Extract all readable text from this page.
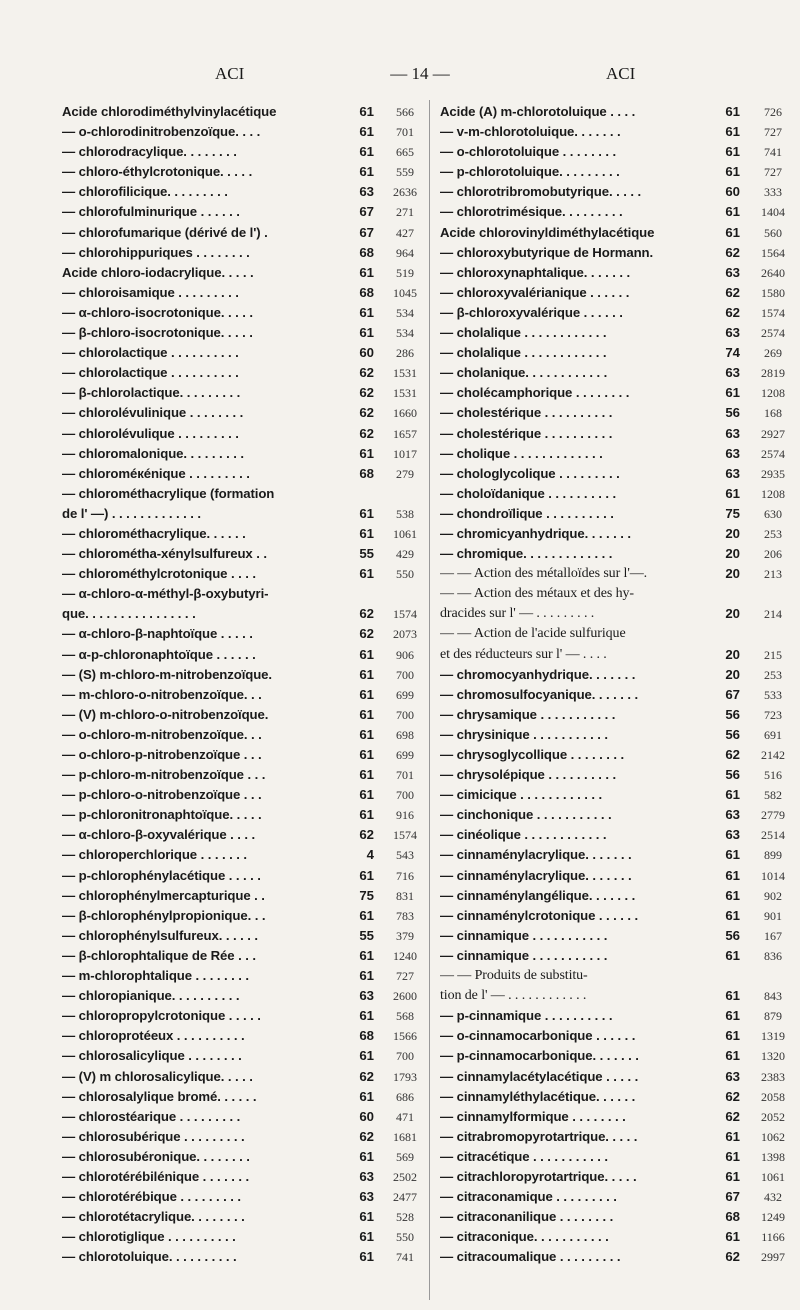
ACI	— 14 —	ACI
Acide chlorodiméthylvinylacétique	61	566
— o-chlorodinitrobenzoïque. . . .	61	701
— chlorodracylique. . . . . . . .	61	665
— chloro-éthylcrotonique. . . . .	61	559
— chlorofilicique. . . . . . . . .	63	2636
— chlorofulminurique . . . . . .	67	271
— chlorofumarique (dérivé de l') .	67	427
— chlorohippuriques . . . . . . . .	68	964
Acide chloro-iodacrylique. . . . .	61	519
— chloroisamique . . . . . . . . .	68	1045
— α-chloro-isocrotonique. . . . .	61	534
— β-chloro-isocrotonique. . . . .	61	534
— chlorolactique . . . . . . . . . .	60	286
— chlorolactique . . . . . . . . . .	62	1531
— β-chlorolactique. . . . . . . . .	62	1531
— chlorolévulinique . . . . . . . .	62	1660
— chlorolévulique . . . . . . . . .	62	1657
— chloromalonique. . . . . . . . .	61	1017
— chloroméкénique . . . . . . . . .	68	279
— chlorométhacrylique (formation
de l' —) . . . . . . . . . . . . .	61	538
— chlorométhacrylique. . . . . .	61	1061
— chlorométha-xénylsulfureux . .	55	429
— chlorométhylcrotonique . . . .	61	550
— α-chloro-α-méthyl-β-oxybutyri-
que. . . . . . . . . . . . . . . .	62	1574
— α-chloro-β-naphtoïque . . . . .	62	2073
— α-p-chloronaphtoïque . . . . . .	61	906
— (S) m-chloro-m-nitrobenzoïque.	61	700
— m-chloro-o-nitrobenzoïque. . .	61	699
— (V) m-chloro-o-nitrobenzoïque.	61	700
— o-chloro-m-nitrobenzoïque. . .	61	698
— o-chloro-p-nitrobenzoïque . . .	61	699
— p-chloro-m-nitrobenzoïque . . .	61	701
— p-chloro-o-nitrobenzoïque . . .	61	700
— p-chloronitronaphtoïque. . . . .	61	916
— α-chloro-β-oxyvalérique . . . .	62	1574
— chloroperchlorique . . . . . . .	4	543
— p-chlorophénylacétique . . . . .	61	716
— chlorophénylmercapturique . .	75	831
— β-chlorophénylpropionique. . .	61	783
— chlorophénylsulfureux. . . . . .	55	379
— β-chlorophtalique de Rée . . .	61	1240
— m-chlorophtalique . . . . . . . .	61	727
— chloropianique. . . . . . . . . .	63	2600
— chloropropylcrotonique . . . . .	61	568
— chloroprotéeux . . . . . . . . . .	68	1566
— chlorosalicylique . . . . . . . .	61	700
— (V) m chlorosalicylique. . . . .	62	1793
— chlorosalylique bromé. . . . . .	61	686
— chlorostéarique . . . . . . . . .	60	471
— chlorosubérique . . . . . . . . .	62	1681
— chlorosubéronique. . . . . . . .	61	569
— chlorotérébilénique . . . . . . .	63	2502
— chlorotérébique . . . . . . . . .	63	2477
— chlorotétacrylique. . . . . . . .	61	528
— chlorotiglique . . . . . . . . . .	61	550
— chlorotoluique. . . . . . . . . .	61	741
Acide (A) m-chlorotoluique . . . .	61	726
— v-m-chlorotoluique. . . . . . .	61	727
— o-chlorotoluique . . . . . . . .	61	741
— p-chlorotoluique. . . . . . . . .	61	727
— chlorotribromobutyrique. . . . .	60	333
— chlorotrimésique. . . . . . . . .	61	1404
Acide chlorovinyldiméthylacétique	61	560
— chloroxybutyrique de Hormann.	62	1564
— chloroxynaphtalique. . . . . . .	63	2640
— chloroxyvalérianique . . . . . .	62	1580
— β-chloroxyvalérique . . . . . .	62	1574
— cholalique . . . . . . . . . . . .	63	2574
— cholalique . . . . . . . . . . . .	74	269
— cholanique. . . . . . . . . . . .	63	2819
— cholécamphorique . . . . . . . .	61	1208
— cholestérique . . . . . . . . . .	56	168
— cholestérique . . . . . . . . . .	63	2927
— cholique . . . . . . . . . . . . .	63	2574
— chologlycolique . . . . . . . . .	63	2935
— choloïdanique . . . . . . . . . .	61	1208
— chondroïlique . . . . . . . . . .	75	630
— chromicyanhydrique. . . . . . .	20	253
— chromique. . . . . . . . . . . . .	20	206
— — Action des métalloïdes sur l'—.	20	213
— — Action des métaux et des hy-
dracides sur l' — . . . . . . . . .	20	214
— — Action de l'acide sulfurique
et des réducteurs sur l' — . . . .	20	215
— chromocyanhydrique. . . . . . .	20	253
— chromosulfocyanique. . . . . . .	67	533
— chrysamique . . . . . . . . . . .	56	723
— chrysinique . . . . . . . . . . .	56	691
— chrysoglycollique . . . . . . . .	62	2142
— chrysolépique . . . . . . . . . .	56	516
— cimicique . . . . . . . . . . . .	61	582
— cinchonique . . . . . . . . . . .	63	2779
— cinéolique . . . . . . . . . . . .	63	2514
— cinnaménylacrylique. . . . . . .	61	899
— cinnaménylacrylique. . . . . . .	61	1014
— cinnaménylangélique. . . . . . .	61	902
— cinnaménylcrotonique . . . . . .	61	901
— cinnamique . . . . . . . . . . .	56	167
— cinnamique . . . . . . . . . . .	61	836
— — Produits de substitu-
tion de l' — . . . . . . . . . . . .	61	843
— p-cinnamique . . . . . . . . . .	61	879
— o-cinnamocarbonique . . . . . .	61	1319
— p-cinnamocarbonique. . . . . . .	61	1320
— cinnamylacétylacétique . . . . .	63	2383
— cinnamyléthylacétique. . . . . .	62	2058
— cinnamylformique . . . . . . . .	62	2052
— citrabromopyrotartrique. . . . .	61	1062
— citracétique . . . . . . . . . . .	61	1398
— citrachloropyrotartrique. . . . .	61	1061
— citraconamique . . . . . . . . .	67	432
— citraconanilique . . . . . . . .	68	1249
— citraconique. . . . . . . . . . .	61	1166
— citracoumalique . . . . . . . . .	62	2997
